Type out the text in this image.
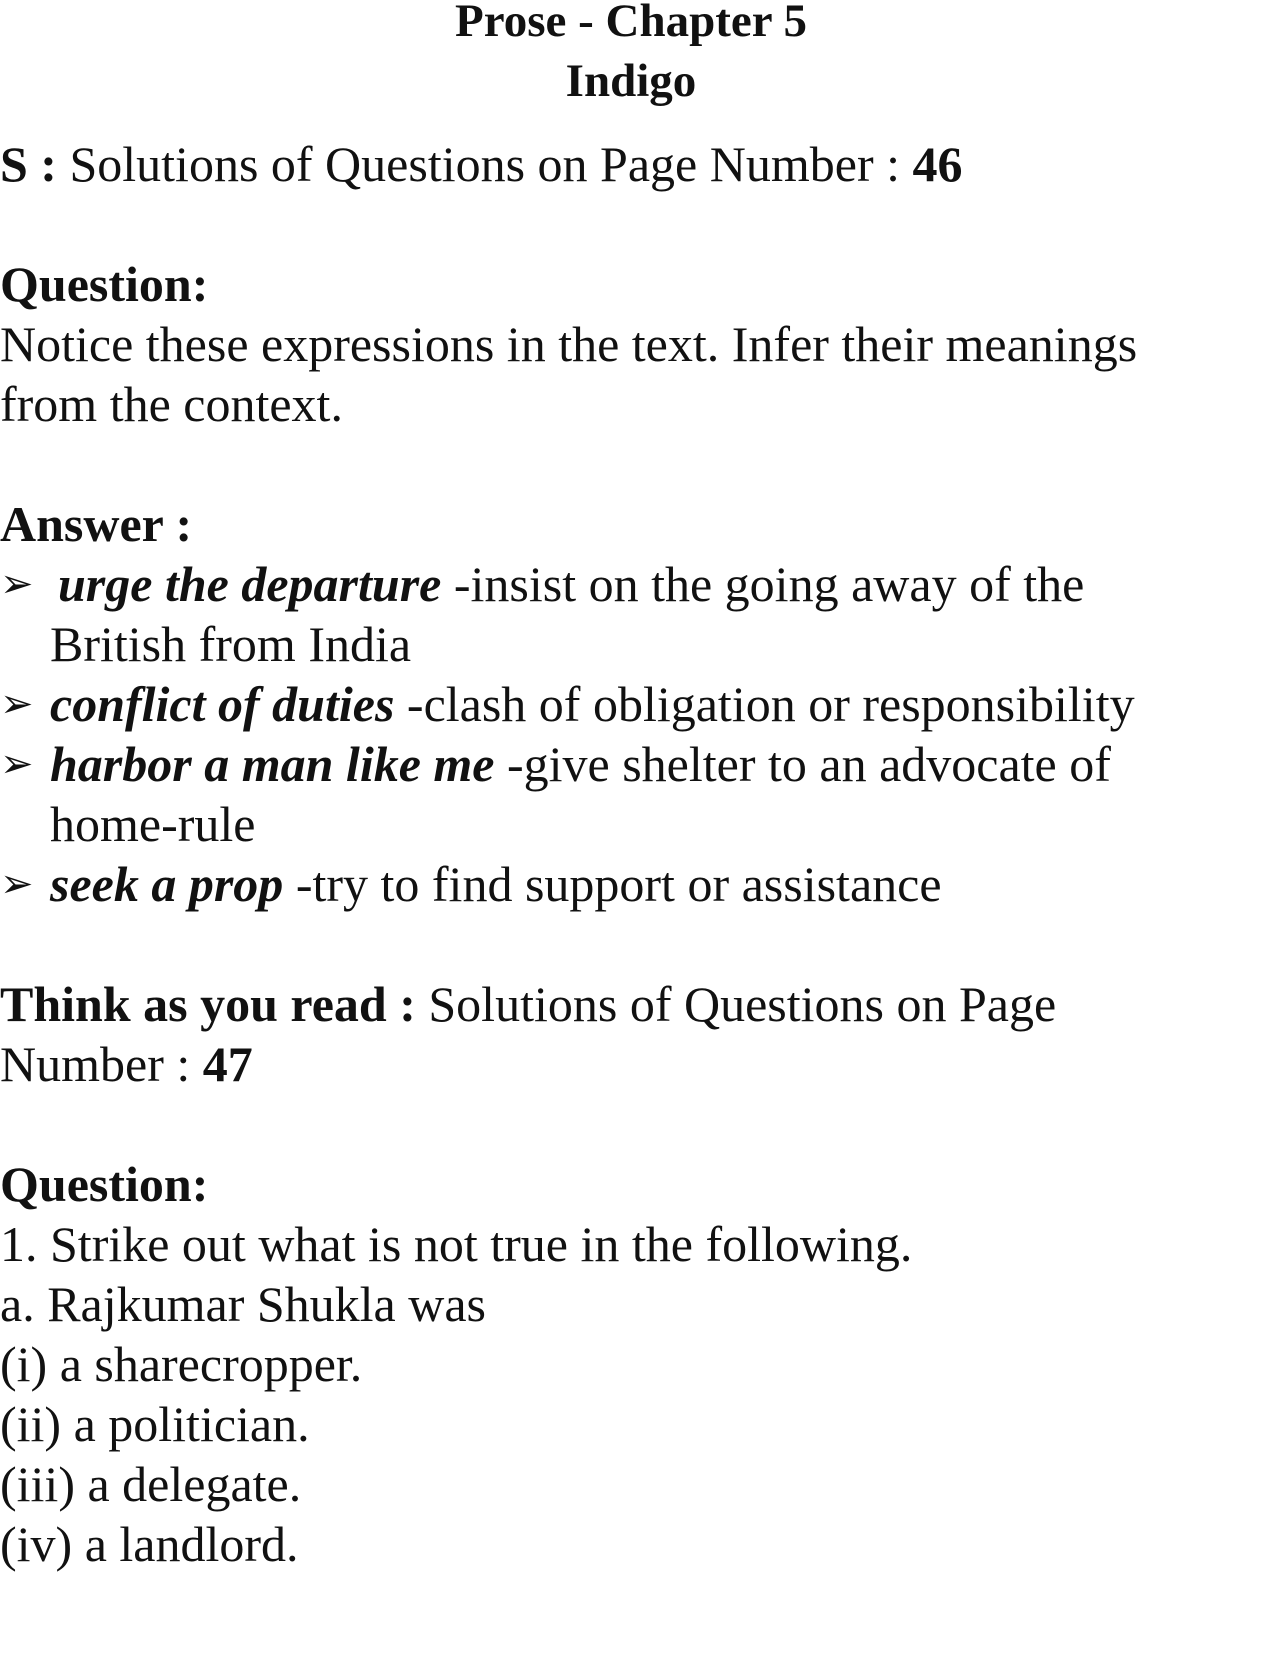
Prose - Chapter 5
Indigo
S : Solutions of Questions on Page Number : 46
Question:
Notice these expressions in the text. Infer their meanings
from the context.
Answer :
➢ urge the departure -insist on the going away of the
British from India
➢ conflict of duties -clash of obligation or responsibility
➢ harbor a man like me -give shelter to an advocate of
home-rule
➢ seek a prop -try to find support or assistance
Think as you read : Solutions of Questions on Page
Number : 47
Question:
1. Strike out what is not true in the following.
a. Rajkumar Shukla was
(i) a sharecropper.
(ii) a politician.
(iii) a delegate.
(iv) a landlord.
